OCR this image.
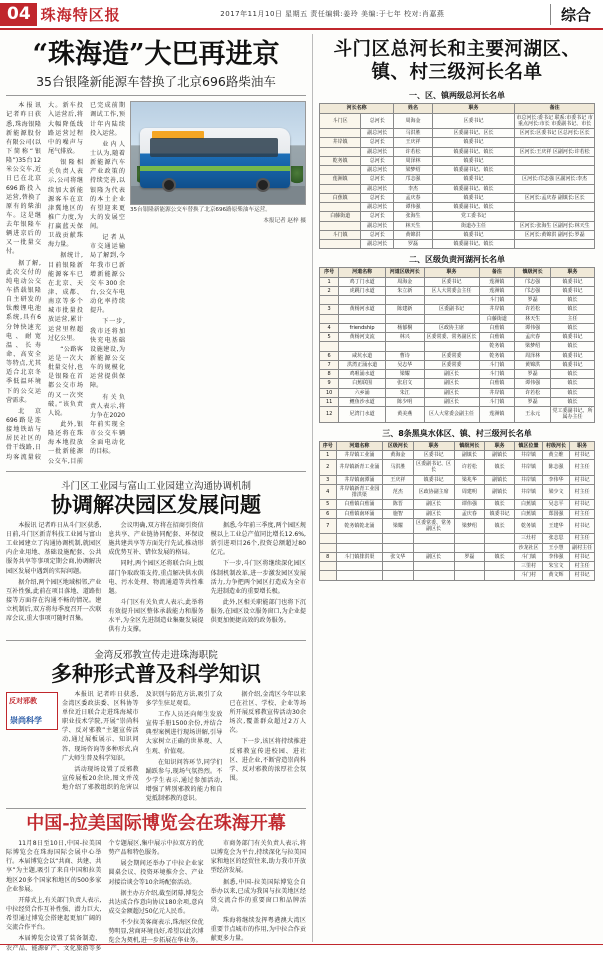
04 珠海特区报	2017年11月10日 星期五 责任编辑:姜玲 美编:于七年 校对:肖嘉燕	综合
“珠海造”大巴再进京
35台银隆新能源车替换了北京696路柴油车
35台银隆新能源公交车替换了北京696路原柴油车运营。
本报记者 赵梓 摄

本报讯 记者昨日获悉,珠海银隆新能源股份有限公司(以下简称“银隆”)35台12米公交车,近日已在北京696路投入运营,替换了原有的柴油车。这是继去年银隆车辆进京后的又一批量交付。

据了解,此次交付的纯电动公交车搭载银隆自主研发的钛酸锂电池系统,具有6分钟快速充电、耐宽温、长寿命、高安全等特点,尤其适合北京冬季低温环境下的公交运营需求。

北京696路是连接地铁站与居民社区的骨干线路,日均客流量较大。新车投入运营后,将大幅降低线路运营过程中的噪声与尾气排放。

银隆相关负责人表示,公司将继续加大新能源客车在京津冀地区的推广力度,为打赢蓝天保卫战贡献珠海力量。

据统计,目前银隆新能源客车已在北京、天津、成都、南京等多个城市批量投放运营,累计运营里程超过亿公里。

“公路客运是一次大批量交付,也是银隆在首都公交市场的又一次突破。”该负责人说。

此外,银隆还将在珠海本地投放一批新能源公交车,目前已完成前期调试工作,预计年内陆续投入运营。

业内人士认为,随着新能源汽车产业政策的持续完善,以银隆为代表的本土企业有望迎来更大的发展空间。

记者从市交通运输局了解到,今年我市已新增新能源公交车300余台,公交车电动化率持续提升。

下一步,我市还将加快充电基础设施建设,为新能源公交车的规模化运营提供保障。

有关负责人表示,将力争在2020年前实现全市公交车辆全面电动化的目标。

斗门区工业园与富山工业园建立沟通协调机制
协调解决园区发展问题

本报讯 记者昨日从斗门区获悉,日前,斗门区新青科技工业园与富山工业园建立了沟通协调机制,就园区内企业用地、基础设施配套、公共服务共享等事项定期会商,协调解决园区发展中遇到的实际问题。

据介绍,两个园区地域相邻,产业互补性强,此前在项目落地、道路衔接等方面存在沟通不畅的情况。建立机制后,双方将每季度召开一次联席会议,重大事项可随时召集。

会议明确,双方将在招商引资信息共享、产业链协同配套、环保设施共建共享等方面先行先试,推动形成优势互补、错位发展的格局。

同时,两个园区还将联合向上级部门争取政策支持,重点解决供水供电、污水处理、物流通道等共性难题。

斗门区有关负责人表示,此举将有效提升园区整体承载能力和服务水平,为全区先进制造业集聚发展提供有力支撑。

据悉,今年前三季度,两个园区规模以上工业总产值同比增长12.6%,新引进项目26个,投资总额超过80亿元。

下一步,斗门区将继续深化园区体制机制改革,进一步激发园区发展活力,力争把两个园区打造成为全市先进制造业的重要增长极。

此外,区相关职能部门也将下沉服务,在园区设立服务窗口,为企业提供更加便捷高效的政务服务。

金湾反邪教宣传走进珠海职院
多种形式普及科学知识
反对邪教
崇尚科学

本报讯 记者昨日获悉,金湾区委政法委、区科协等单位近日联合走进珠海城市职业技术学院,开展“崇尚科学、反对邪教”主题宣传活动,通过展板展示、知识问答、现场咨询等多种形式,向广大师生普及科学知识。

活动现场设置了反邪教宣传展板20余块,图文并茂地介绍了邪教组织的危害以及识别与防范方法,吸引了众多学生驻足观看。

工作人员还向师生发放宣传手册1500余份,并结合典型案例进行现场讲解,引导大家树立正确的世界观、人生观、价值观。

在知识问答环节,同学们踊跃参与,现场气氛热烈。不少学生表示,通过参加活动,增强了辨别邪教的能力和自觉抵制邪教的意识。

据介绍,金湾区今年以来已在社区、学校、企业等场所开展反邪教宣传活动30余场次,覆盖群众超过2万人次。

下一步,该区将持续推进反邪教宣传进校园、进社区、进企业,不断营造崇尚科学、反对邪教的浓厚社会氛围。

中国-拉美国际博览会在珠海开幕

11月8日至10日,中国-拉美国际博览会在珠海国际会展中心举行。本届博览会以“共商、共建、共享”为主题,吸引了来自中国和拉美地区20多个国家和地区的500多家企业参展。

开幕式上,有关部门负责人表示,中拉经贸合作互补性强、潜力巨大,希望通过博览会搭建起更加广阔的交流合作平台。

本届博览会设置了装备制造、农产品、能源矿产、文化旅游等多个专题展区,集中展示中拉双方的优势产品和特色服务。

展会期间还举办了中拉企业家圆桌会议、投资环境推介会、产业对接洽谈会等10余场配套活动。

据主办方介绍,截至闭幕,博览会共达成合作意向协议180余项,意向成交金额超过50亿元人民币。

不少拉美客商表示,珠海区位优势明显,营商环境良好,希望以此次博览会为契机,进一步拓展在华业务。

市商务部门有关负责人表示,将以博览会为平台,持续深化与拉美国家和地区的经贸往来,助力我市开放型经济发展。

据悉,中国-拉美国际博览会自举办以来,已成为我国与拉美地区经贸交流合作的重要窗口和品牌活动。

珠海将继续发挥粤港澳大湾区重要节点城市的作用,为中拉合作贡献更多力量。

斗门区总河长和主要河湖区、镇、村三级河长名单
一、区、镇两级总河长名单
河长名称		姓名	职务	备注
斗门区	总河长	周海金	区委书记	市总河长:委书记 联系:市委书记 市重点河长:市长 市委副书记、市长
	副总河长	马洪胜	区委副书记、区长	区河长:区委书记 区总河长:区长
井岸镇	总河长	王庆祥	镇委书记	
	副总河长	许若松	镇委副书记、镇长	区河长:王庆祥 区副河长:许若松
乾务镇	总河长	周泽林	镇委书记	
	副总河长	梁梦绍	镇委副书记、镇长	
莲洲镇	总河长	邝志强	镇委书记	区河长:邝志强 区副河长:李杰
	副总河长	李杰	镇委副书记、镇长	
白蕉镇	总河长	孟庆春	镇委书记	区河长:孟庆春 副镇长:区长
	副总河长	谭伟强	镇委副书记、镇长	
白藤街道	总河长	张海生	党工委书记	
	副总河长	林天生	街道办主任	区河长:张海生 区副河长:林天生
斗门镇	总河长	黄锦洪	镇委书记	区河长:黄锦洪 副河长:罗磊
	副总河长	罗磊	镇委副书记、镇长	
二、区级负责河湖河长名单
序号	河道名称	河道区级河长	职务	备注	镇级河长	职务
1	鸡丁门水道	周海金	区委书记	莲洲镇	邝志强	镇委书记
2	虎跳门水道	朱立新	区人大常委会主任	莲洲镇	邝志强	镇委书记
				斗门镇	罗磊	镇长
3	黄杨河水道	陈建新	区委副书记	井岸镇	许若松	镇长
				白藤街道	林天生	主任
4	friendship	杨郁桐	区政协主席	白蕉镇	谭伟强	镇长
5	黄杨河支流	林兴	区委常委、常务副区长	白蕉镇	孟庆春	镇委书记
				乾务镇	梁梦绍	镇长
6	咸坑水道	曹诗	区委常委	乾务镇	周泽林	镇委书记
7	洪湾正涌水道	吴志华	区委常委	斗门镇	黄锦洪	镇委书记
8	鸡咀涌水道	梁耀	副区长	斗门镇	罗磊	镇长
9	白蕉联围	张启文	副区长	白蕉镇	谭伟强	镇长
10	六乡涌	朱江	副区长	井岸镇	许若松	镇长
11	鲤鱼沙水道	陈少明	副区长	斗门镇	罗磊	镇长
12	尼湾门水道	黄美燕	区人大常委会副主任	莲洲镇	王永元	党工委副书记、所属办主任
三、8条黑臭水体区、镇、村三级河长名单
序号	河道名称	区级河长	职务	镇级河长	职务	镇区位置	村级河长	职务
1	井岸镇工业涌	黄海金	区委书记	副镇长	副镇长	井岸镇	黄立维	村书记
2	井岸镇新青工业涌	马洪胜	区委副书记、区长	许若松	镇长	井岸镇	陈志强	村主任
3	井岸镇南潭涌	王庆祥	镇委书记	梁兆华	副镇长	井岸镇	李伟华	村书记
4	井岸镇新青工业园排洪渠	范杰	区政协副主席	周建明	副镇长	井岸镇	梁少文	村主任
5	白蕉镇白蕉涌	陈晋	副区长	谭伟强	镇长	白蕉镇	吴志平	村书记
6	白蕉镇南环涌	施智	副区长	孟庆春	镇委书记	白蕉镇	郑国强	村主任
7	乾务镇乾北涌	梁耀	区委常委、常务副区长	梁梦绍	镇长	乾务镇	王建华	村书记
						三灶村	张志思	村主任
						沙龙社区	王小慧	副村主任
8	斗门镇排洪渠	张文华	副区长	罗磊	镇长	斗门镇	李伟强	村书记
						三里村	朱宝文	村主任
						斗门村	黄文辉	村书记
